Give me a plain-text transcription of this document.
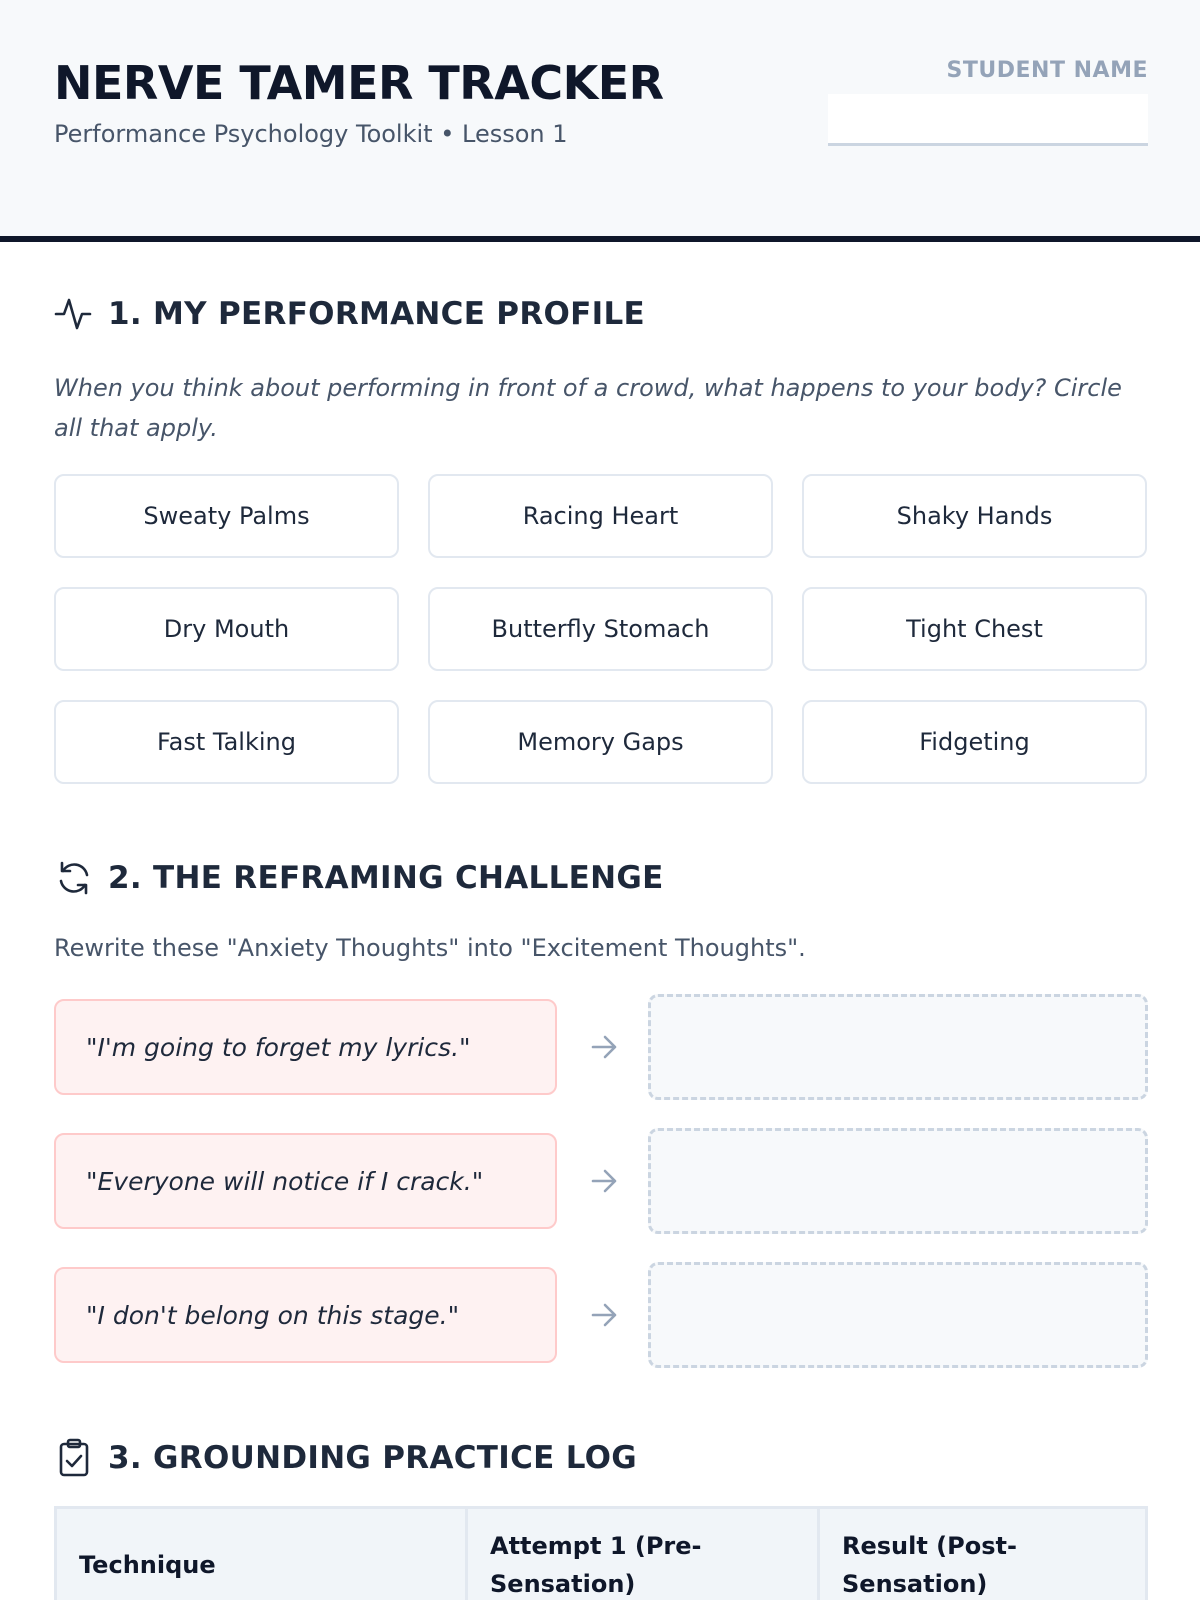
NERVE TAMER TRACKER
Performance Psychology Toolkit • Lesson 1
STUDENT NAME
1. MY PERFORMANCE PROFILE
When you think about performing in front of a crowd, what happens to your body? Circle all that apply.
Sweaty Palms	Racing Heart	Shaky Hands
Dry Mouth	Butterfly Stomach	Tight Chest
Fast Talking	Memory Gaps	Fidgeting
2. THE REFRAMING CHALLENGE
Rewrite these "Anxiety Thoughts" into "Excitement Thoughts".
"I'm going to forget my lyrics."
"Everyone will notice if I crack."
"I don't belong on this stage."
3. GROUNDING PRACTICE LOG
Technique	Attempt 1 (Pre-Sensation)	Result (Post-Sensation)
